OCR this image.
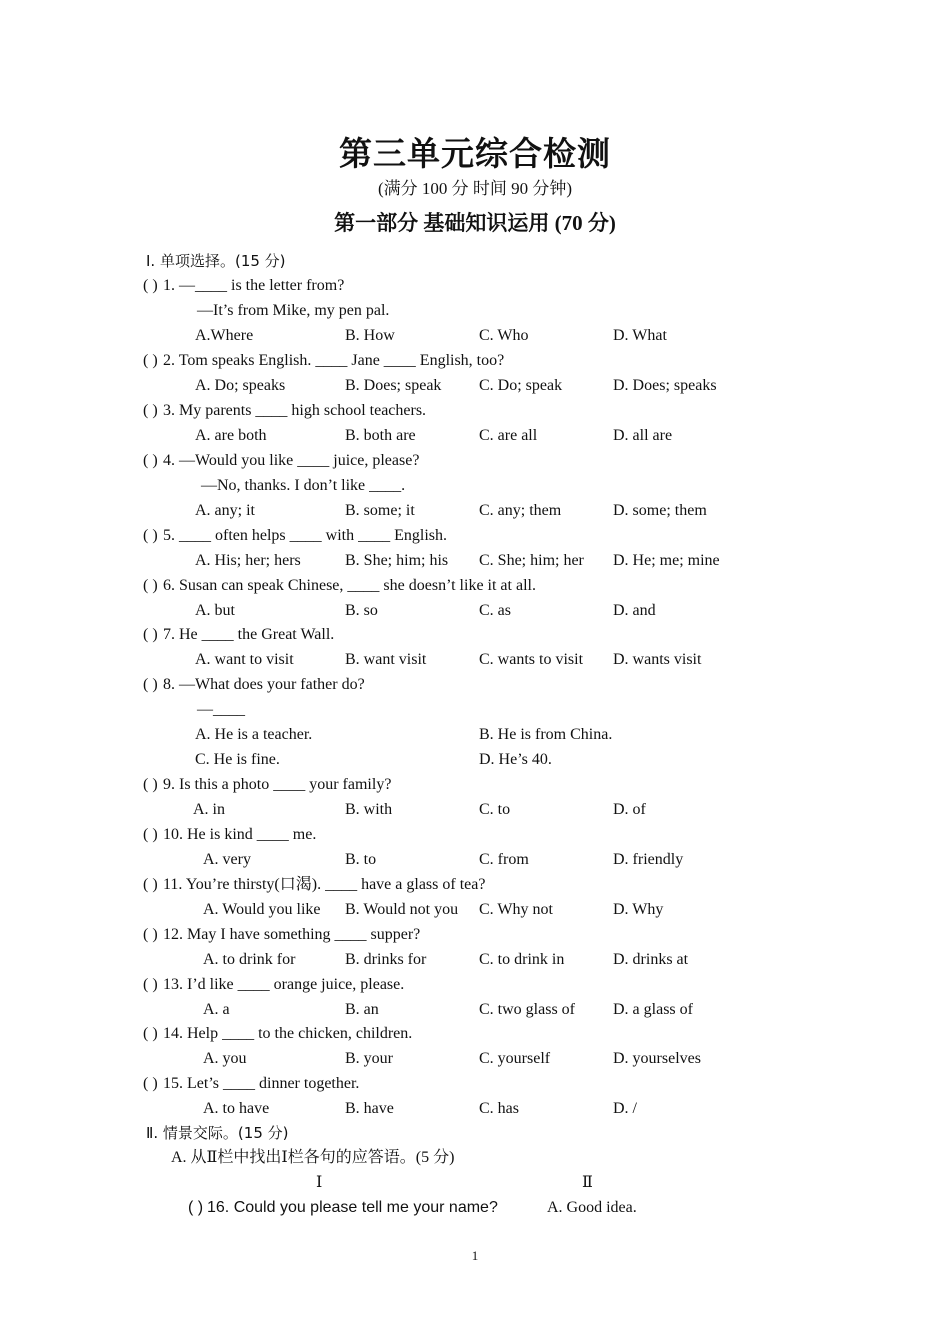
第三单元综合检测
(满分 100 分 时间 90 分钟)
第一部分 基础知识运用 (70 分)
Ⅰ. 单项选择。(15 分)
( ) 1. —____ is the letter from?
—It’s from Mike, my pen pal.
A.Where	B. How	C. Who	D. What
( ) 2. Tom speaks English. ____ Jane ____ English, too?
A. Do; speaks	B. Does; speak C. Do; speak	D. Does; speaks
( ) 3. My parents ____ high school teachers.
A. are both	B. both are	C. are all	D. all are
( ) 4. —Would you like ____ juice, please?
—No, thanks. I don’t like ____.
A. any; it	B. some; it	C. any; them	D. some; them
( ) 5. ____ often helps ____ with ____ English.
A. His; her; hers	B. She; him; his C. She; him; her D. He; me; mine
( ) 6. Susan can speak Chinese, ____ she doesn’t like it at all.
A. but	B. so	C. as	D. and
( ) 7. He ____ the Great Wall.
A. want to visit	B. want visit	C. wants to visit D. wants visit
( ) 8. —What does your father do?
—____
A. He is a teacher.	B. He is from China.
C. He is fine.	D. He’s 40.
( ) 9. Is this a photo ____ your family?
A. in	B. with	C. to	D. of
( ) 10. He is kind ____ me.
A. very	B. to	C. from	D. friendly
( ) 11. You’re thirsty(口渴). ____ have a glass of tea?
A. Would you like B. Would not you C. Why not	D. Why
( ) 12. May I have something ____ supper?
A. to drink for	B. drinks for	C. to drink in	D. drinks at
( ) 13. I’d like ____ orange juice, please.
A. a	B. an	C. two glass of D. a glass of
( ) 14. Help ____ to the chicken, children.
A. you	B. your	C. yourself	D. yourselves
( ) 15. Let’s ____ dinner together.
A. to have	B. have	C. has	D. /
Ⅱ. 情景交际。(15 分)
A. 从Ⅱ栏中找出Ⅰ栏各句的应答语。(5 分)
Ⅰ	Ⅱ
( ) 16. Could you please tell me your name?	A. Good idea.
1
